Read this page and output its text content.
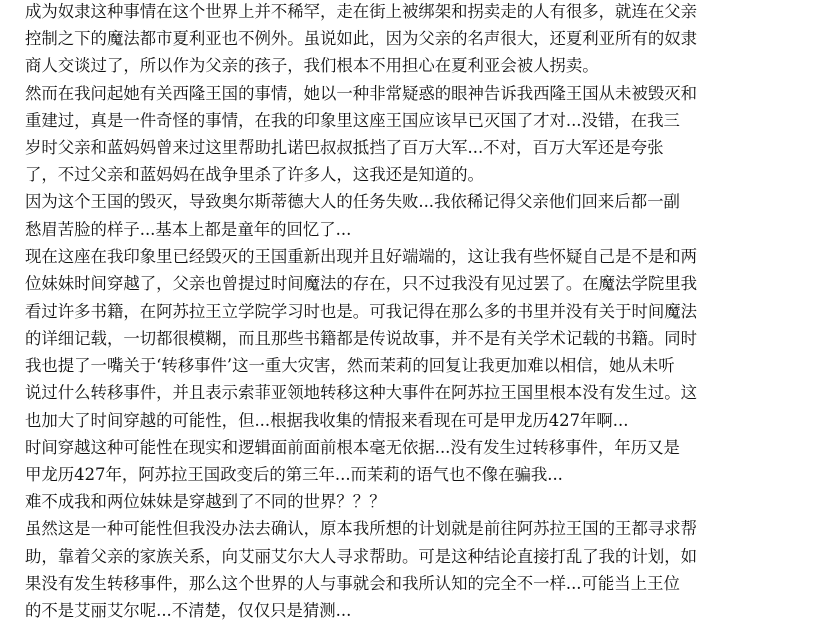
成为奴隶这种事情在这个世界上并不稀罕，走在街上被绑架和拐卖走的人有很多，就连在父亲
控制之下的魔法都市夏利亚也不例外。虽说如此，因为父亲的名声很大，还夏利亚所有的奴隶
商人交谈过了，所以作为父亲的孩子，我们根本不用担心在夏利亚会被人拐卖。
然而在我问起她有关西隆王国的事情，她以一种非常疑惑的眼神告诉我西隆王国从未被毁灭和
重建过，真是一件奇怪的事情，在我的印象里这座王国应该早已灭国了才对...没错，在我三
岁时父亲和蓝妈妈曾来过这里帮助扎诺巴叔叔抵挡了百万大军...不对，百万大军还是夸张
了，不过父亲和蓝妈妈在战争里杀了许多人，这我还是知道的。
因为这个王国的毁灭，导致奥尔斯蒂德大人的任务失败...我依稀记得父亲他们回来后都一副
愁眉苦脸的样子...基本上都是童年的回忆了...
现在这座在我印象里已经毁灭的王国重新出现并且好端端的，这让我有些怀疑自己是不是和两
位妹妹时间穿越了，父亲也曾提过时间魔法的存在，只不过我没有见过罢了。在魔法学院里我
看过许多书籍，在阿苏拉王立学院学习时也是。可我记得在那么多的书里并没有关于时间魔法
的详细记载，一切都很模糊，而且那些书籍都是传说故事，并不是有关学术记载的书籍。同时
我也提了一嘴关于‘转移事件’这一重大灾害，然而茉莉的回复让我更加难以相信，她从未听
说过什么转移事件，并且表示索菲亚领地转移这种大事件在阿苏拉王国里根本没有发生过。这
也加大了时间穿越的可能性，但...根据我收集的情报来看现在可是甲龙历427年啊...
时间穿越这种可能性在现实和逻辑面前面前根本毫无依据...没有发生过转移事件，年历又是
甲龙历427年，阿苏拉王国政变后的第三年...而茉莉的语气也不像在骗我...
难不成我和两位妹妹是穿越到了不同的世界？？？
虽然这是一种可能性但我没办法去确认，原本我所想的计划就是前往阿苏拉王国的王都寻求帮
助，靠着父亲的家族关系，向艾丽艾尔大人寻求帮助。可是这种结论直接打乱了我的计划，如
果没有发生转移事件，那么这个世界的人与事就会和我所认知的完全不一样...可能当上王位
的不是艾丽艾尔呢...不清楚，仅仅只是猜测...
